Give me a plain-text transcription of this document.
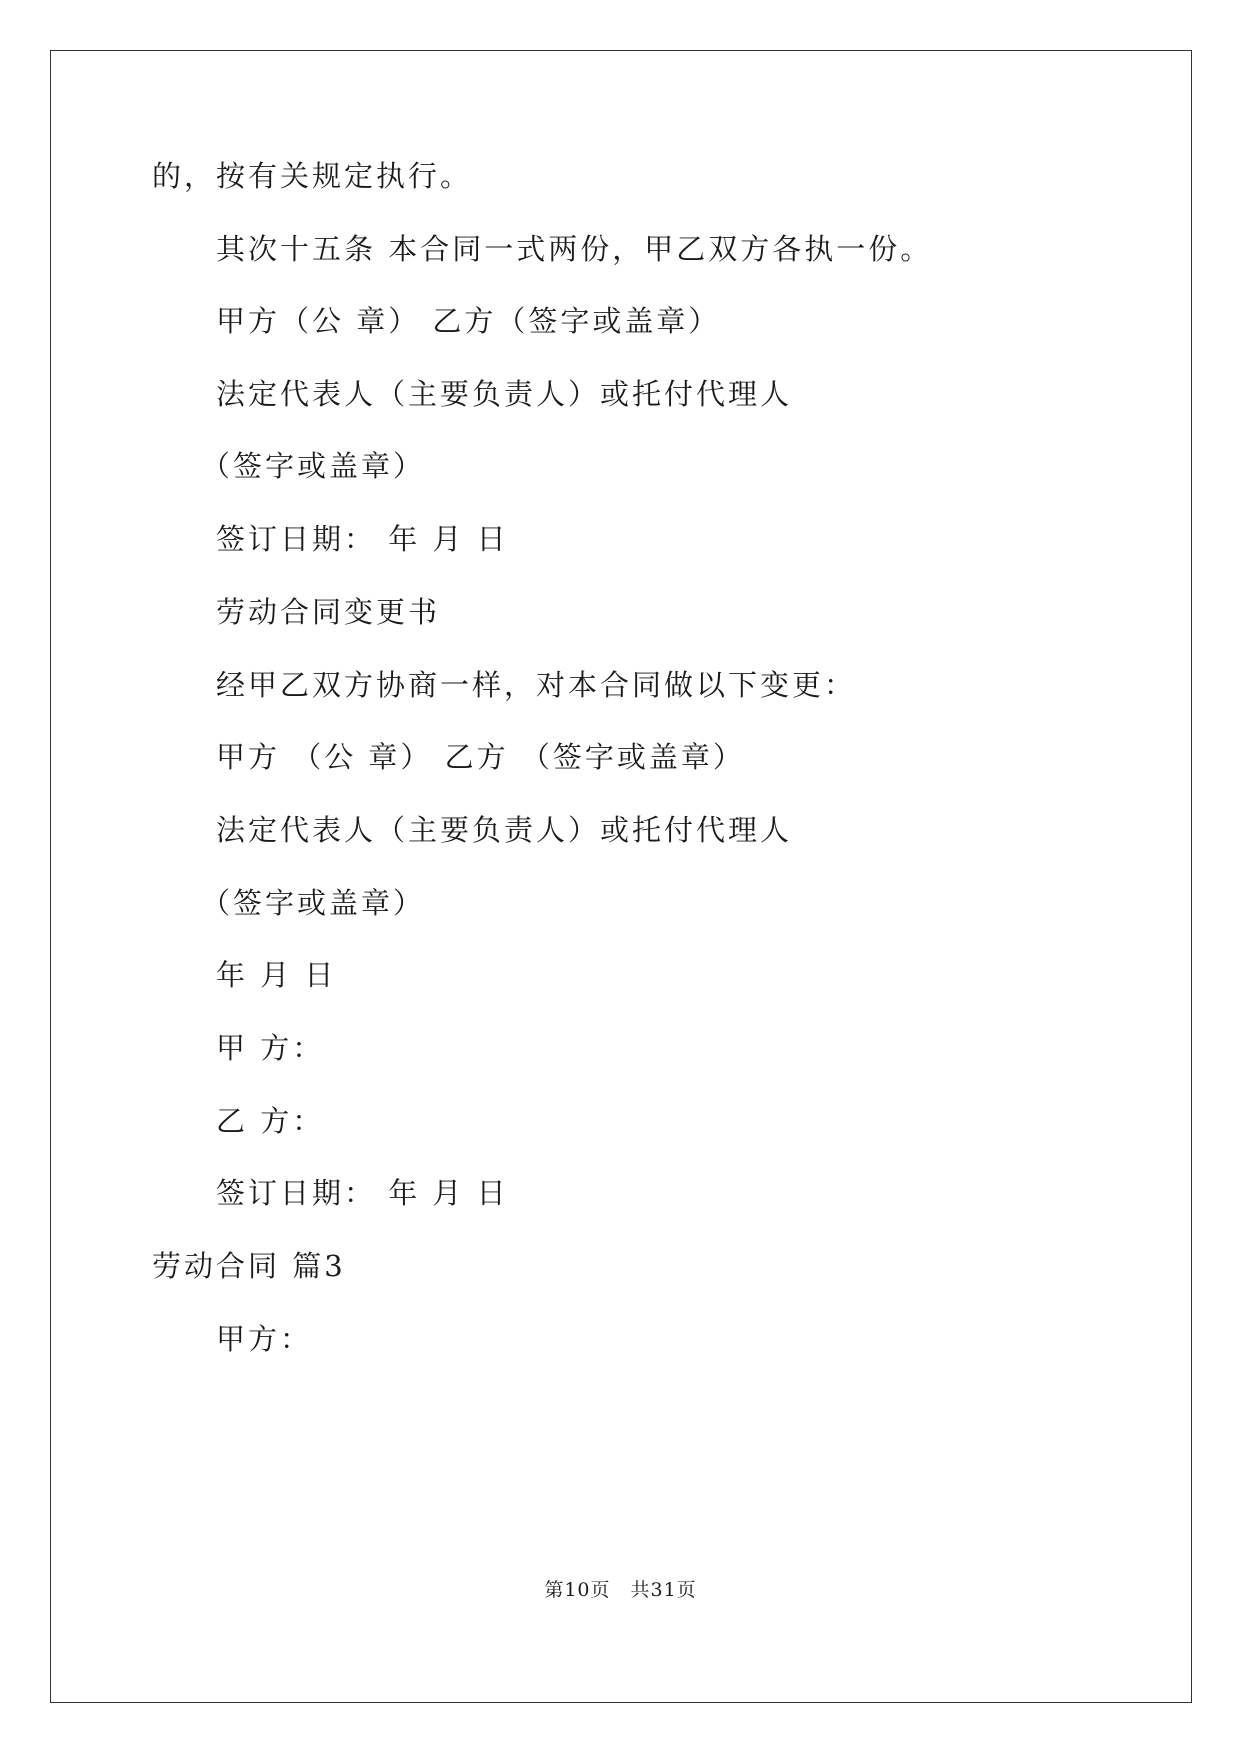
的，按有关规定执行。
其次十五条 本合同一式两份，甲乙双方各执一份。
甲方（公 章） 乙方（签字或盖章）
法定代表人（主要负责人）或托付代理人
（签字或盖章）
签订日期： 年 月 日
劳动合同变更书
经甲乙双方协商一样，对本合同做以下变更：
甲方 （公 章） 乙方 （签字或盖章）
法定代表人（主要负责人）或托付代理人
（签字或盖章）
年 月 日
甲 方：
乙 方：
签订日期： 年 月 日
劳动合同 篇3
甲方：
第10页　共31页
